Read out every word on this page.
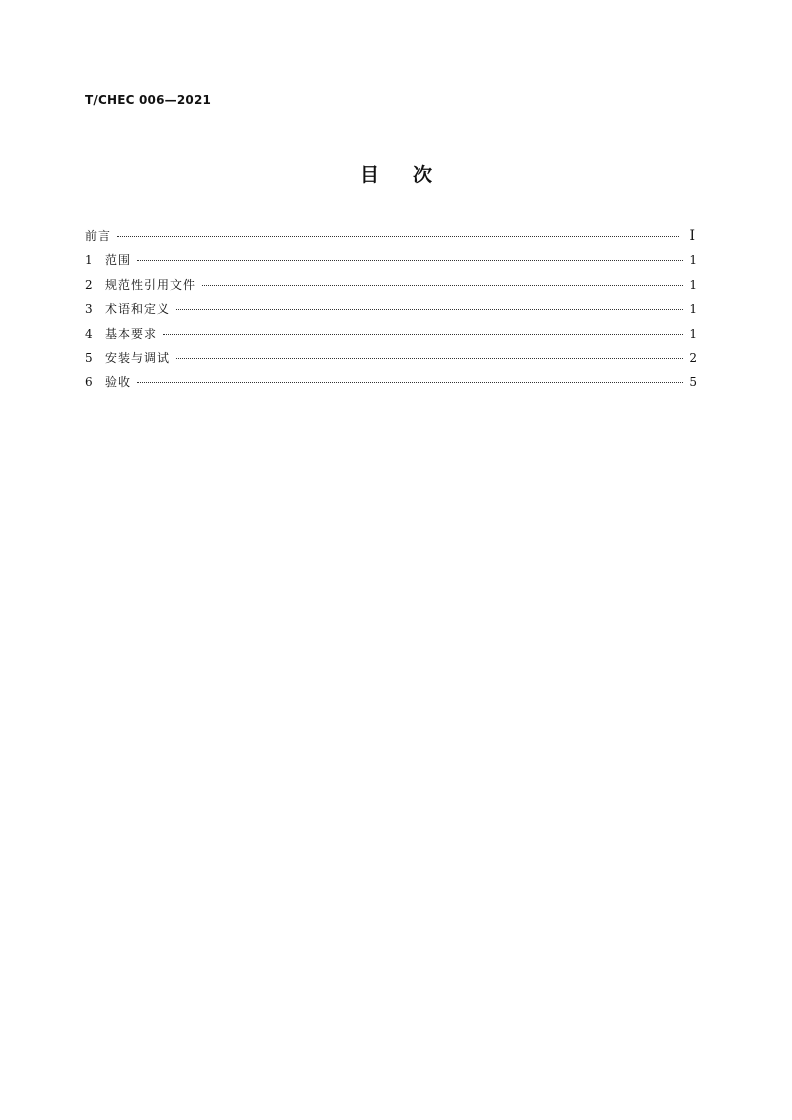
T/CHEC 006—2021
目次
前言	Ⅰ
1	范围	1
2	规范性引用文件	1
3	术语和定义	1
4	基本要求	1
5	安装与调试	2
6	验收	5
